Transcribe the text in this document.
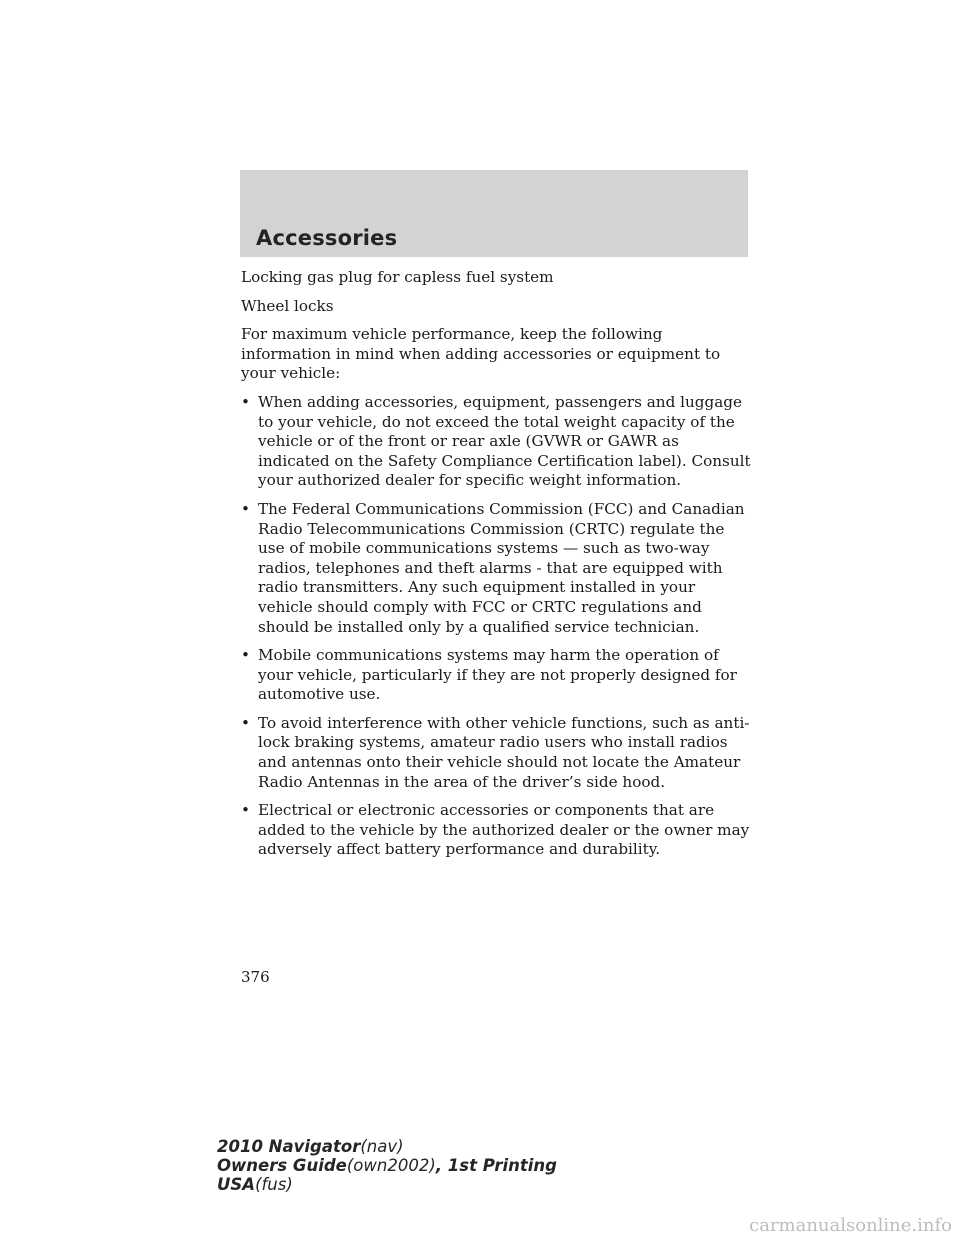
Accessories

Locking gas plug for capless fuel system

Wheel locks

For maximum vehicle performance, keep the following information in mind when adding accessories or equipment to your vehicle:

• When adding accessories, equipment, passengers and luggage to your vehicle, do not exceed the total weight capacity of the vehicle or of the front or rear axle (GVWR or GAWR as indicated on the Safety Compliance Certification label). Consult your authorized dealer for specific weight information.
• The Federal Communications Commission (FCC) and Canadian Radio Telecommunications Commission (CRTC) regulate the use of mobile communications systems — such as two-way radios, telephones and theft alarms - that are equipped with radio transmitters. Any such equipment installed in your vehicle should comply with FCC or CRTC regulations and should be installed only by a qualified service technician.
• Mobile communications systems may harm the operation of your vehicle, particularly if they are not properly designed for automotive use.
• To avoid interference with other vehicle functions, such as anti-lock braking systems, amateur radio users who install radios and antennas onto their vehicle should not locate the Amateur Radio Antennas in the area of the driver’s side hood.
• Electrical or electronic accessories or components that are added to the vehicle by the authorized dealer or the owner may adversely affect battery performance and durability.
376
2010 Navigator(nav)
Owners Guide(own2002), 1st Printing
USA(fus)
carmanualsonline.info
